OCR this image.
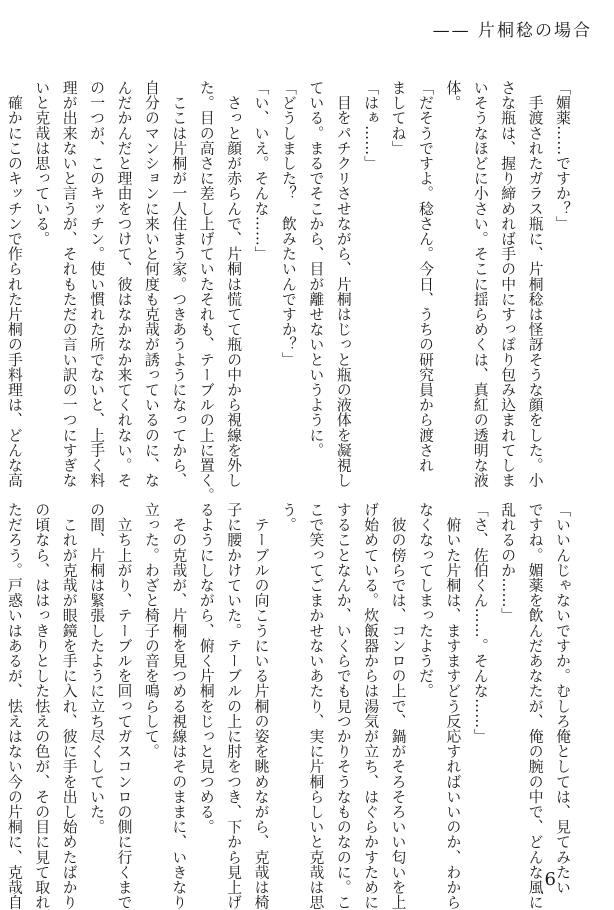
—— 片桐稔の場合
「媚薬……ですか？」
　手渡されたガラス瓶に、片桐稔は怪訝そうな顔をした。小
さな瓶は、握り締めれば手の中にすっぽり包み込まれてしま
いそうなほどに小さい。そこに揺らめくは、真紅の透明な液
体。
「だそうですよ。稔さん。今日、うちの研究員から渡され
ましてね」
「はぁ……」
　目をパチクリさせながら、片桐はじっと瓶の液体を凝視し
ている。まるでそこから、目が離せないというように。
「どうしました？　飲みたいんですか？」
「い、いえ。そんな……」
　さっと顔が赤らんで、片桐は慌てて瓶の中から視線を外し
た。目の高さに差し上げていたそれも、テーブルの上に置く。
　ここは片桐が一人住まう家。つきあうようになってから、
自分のマンションに来いと何度も克哉が誘っているのに、な
んだかんだと理由をつけて、彼はなかなか来てくれない。そ
の一つが、このキッチン。使い慣れた所でないと、上手く料
理が出来ないと言うが、それもただの言い訳の一つにすぎな
いと克哉は思っている。
　確かにこのキッチンで作られた片桐の手料理は、どんな高

「いいんじゃないですか。むしろ俺としては、見てみたい
ですね。媚薬を飲んだあなたが、俺の腕の中で、どんな風に
乱れるのか……」
「さ、佐伯くん……。そんな……」
　俯いた片桐は、ますますどう反応すればいいのか、わから
なくなってしまったようだ。
　彼の傍らでは、コンロの上で、鍋がそろそろいい匂いを上
げ始めている。炊飯器からは湯気が立ち、はぐらかすために
することなんか、いくらでも見つかりそうなものなのに。こ
こで笑ってごまかせないあたり、実に片桐らしいと克哉は思
う。
　テーブルの向こうにいる片桐の姿を眺めながら、克哉は椅
子に腰かけていた。テーブルの上に肘をつき、下から見上げ
るようにしながら、俯く片桐をじっと見つめる。
　その克哉が、片桐を見つめる視線はそのままに、いきなり
立った。わざと椅子の音を鳴らして。
　立ち上がり、テーブルを回ってガスコンロの側に行くまで
の間、片桐は緊張したように立ち尽くしていた。
　これが克哉が眼鏡を手に入れ、彼に手を出し始めたばかり
の頃なら、ははっきりとした怯えの色が、その目に見て取れ
ただろう。戸惑いはあるが、怯えはない今の片桐に、克哉自	6
